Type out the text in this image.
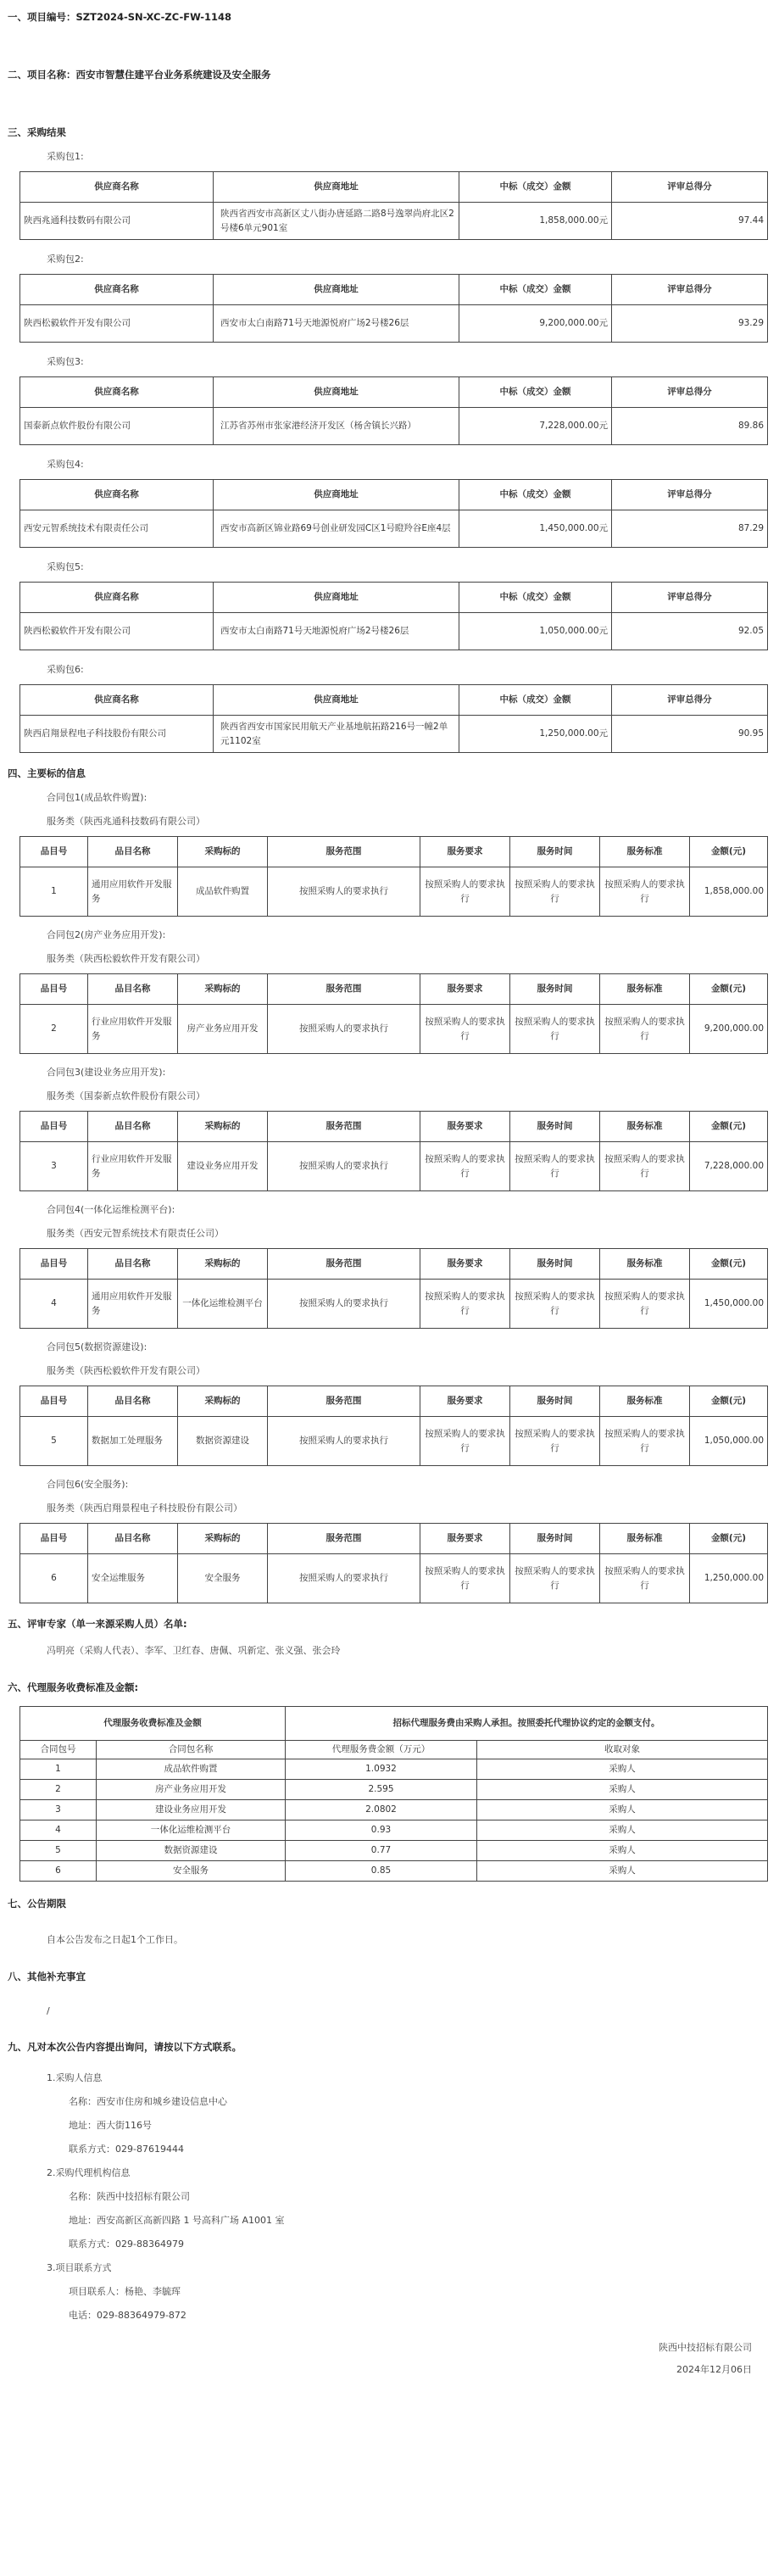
一、项目编号：SZT2024-SN-XC-ZC-FW-1148
二、项目名称：西安市智慧住建平台业务系统建设及安全服务
三、采购结果
采购包1:
供应商名称	供应商地址	中标（成交）金额	评审总得分
陕西兆通科技数码有限公司	陕西省西安市高新区丈八街办唐延路二路8号逸翠尚府北区2号楼6单元901室	1,858,000.00元	97.44
采购包2:
供应商名称	供应商地址	中标（成交）金额	评审总得分
陕西松毅软件开发有限公司	西安市太白南路71号天地源悦府广场2号楼26层	9,200,000.00元	93.29
采购包3:
供应商名称	供应商地址	中标（成交）金额	评审总得分
国泰新点软件股份有限公司	江苏省苏州市张家港经济开发区（杨舍镇长兴路）	7,228,000.00元	89.86
采购包4:
供应商名称	供应商地址	中标（成交）金额	评审总得分
西安元智系统技术有限责任公司	西安市高新区锦业路69号创业研发园C区1号瞪羚谷E座4层	1,450,000.00元	87.29
采购包5:
供应商名称	供应商地址	中标（成交）金额	评审总得分
陕西松毅软件开发有限公司	西安市太白南路71号天地源悦府广场2号楼26层	1,050,000.00元	92.05
采购包6:
供应商名称	供应商地址	中标（成交）金额	评审总得分
陕西启翔景程电子科技股份有限公司	陕西省西安市国家民用航天产业基地航拓路216号一幢2单元1102室	1,250,000.00元	90.95
四、主要标的信息
合同包1(成品软件购置):
服务类（陕西兆通科技数码有限公司）
品目号	品目名称	采购标的	服务范围	服务要求	服务时间	服务标准	金额(元)
1	通用应用软件开发服务	成品软件购置	按照采购人的要求执行	按照采购人的要求执行	按照采购人的要求执行	按照采购人的要求执行	1,858,000.00
合同包2(房产业务应用开发):
服务类（陕西松毅软件开发有限公司）
品目号	品目名称	采购标的	服务范围	服务要求	服务时间	服务标准	金额(元)
2	行业应用软件开发服务	房产业务应用开发	按照采购人的要求执行	按照采购人的要求执行	按照采购人的要求执行	按照采购人的要求执行	9,200,000.00
合同包3(建设业务应用开发):
服务类（国泰新点软件股份有限公司）
品目号	品目名称	采购标的	服务范围	服务要求	服务时间	服务标准	金额(元)
3	行业应用软件开发服务	建设业务应用开发	按照采购人的要求执行	按照采购人的要求执行	按照采购人的要求执行	按照采购人的要求执行	7,228,000.00
合同包4(一体化运维检测平台):
服务类（西安元智系统技术有限责任公司）
品目号	品目名称	采购标的	服务范围	服务要求	服务时间	服务标准	金额(元)
4	通用应用软件开发服务	一体化运维检测平台	按照采购人的要求执行	按照采购人的要求执行	按照采购人的要求执行	按照采购人的要求执行	1,450,000.00
合同包5(数据资源建设):
服务类（陕西松毅软件开发有限公司）
品目号	品目名称	采购标的	服务范围	服务要求	服务时间	服务标准	金额(元)
5	数据加工处理服务	数据资源建设	按照采购人的要求执行	按照采购人的要求执行	按照采购人的要求执行	按照采购人的要求执行	1,050,000.00
合同包6(安全服务):
服务类（陕西启翔景程电子科技股份有限公司）
品目号	品目名称	采购标的	服务范围	服务要求	服务时间	服务标准	金额(元)
6	安全运维服务	安全服务	按照采购人的要求执行	按照采购人的要求执行	按照采购人的要求执行	按照采购人的要求执行	1,250,000.00
五、评审专家（单一来源采购人员）名单:
冯明亮（采购人代表）、李军、卫红春、唐佩、巩新定、张义强、张会玲
六、代理服务收费标准及金额:
代理服务收费标准及金额		招标代理服务费由采购人承担。按照委托代理协议约定的金额支付。	
合同包号	合同包名称	代理服务费金额（万元）	收取对象
1	成品软件购置	1.0932	采购人
2	房产业务应用开发	2.595	采购人
3	建设业务应用开发	2.0802	采购人
4	一体化运维检测平台	0.93	采购人
5	数据资源建设	0.77	采购人
6	安全服务	0.85	采购人
七、公告期限
自本公告发布之日起1个工作日。
八、其他补充事宜
/
九、凡对本次公告内容提出询问，请按以下方式联系。
1.采购人信息
名称：西安市住房和城乡建设信息中心
地址：西大街116号
联系方式：029-87619444
2.采购代理机构信息
名称：陕西中技招标有限公司
地址：西安高新区高新四路 1 号高科广场 A1001 室
联系方式：029-88364979
3.项目联系方式
项目联系人：杨艳、李毓珲
电话：029-88364979-872
陕西中技招标有限公司
2024年12月06日
